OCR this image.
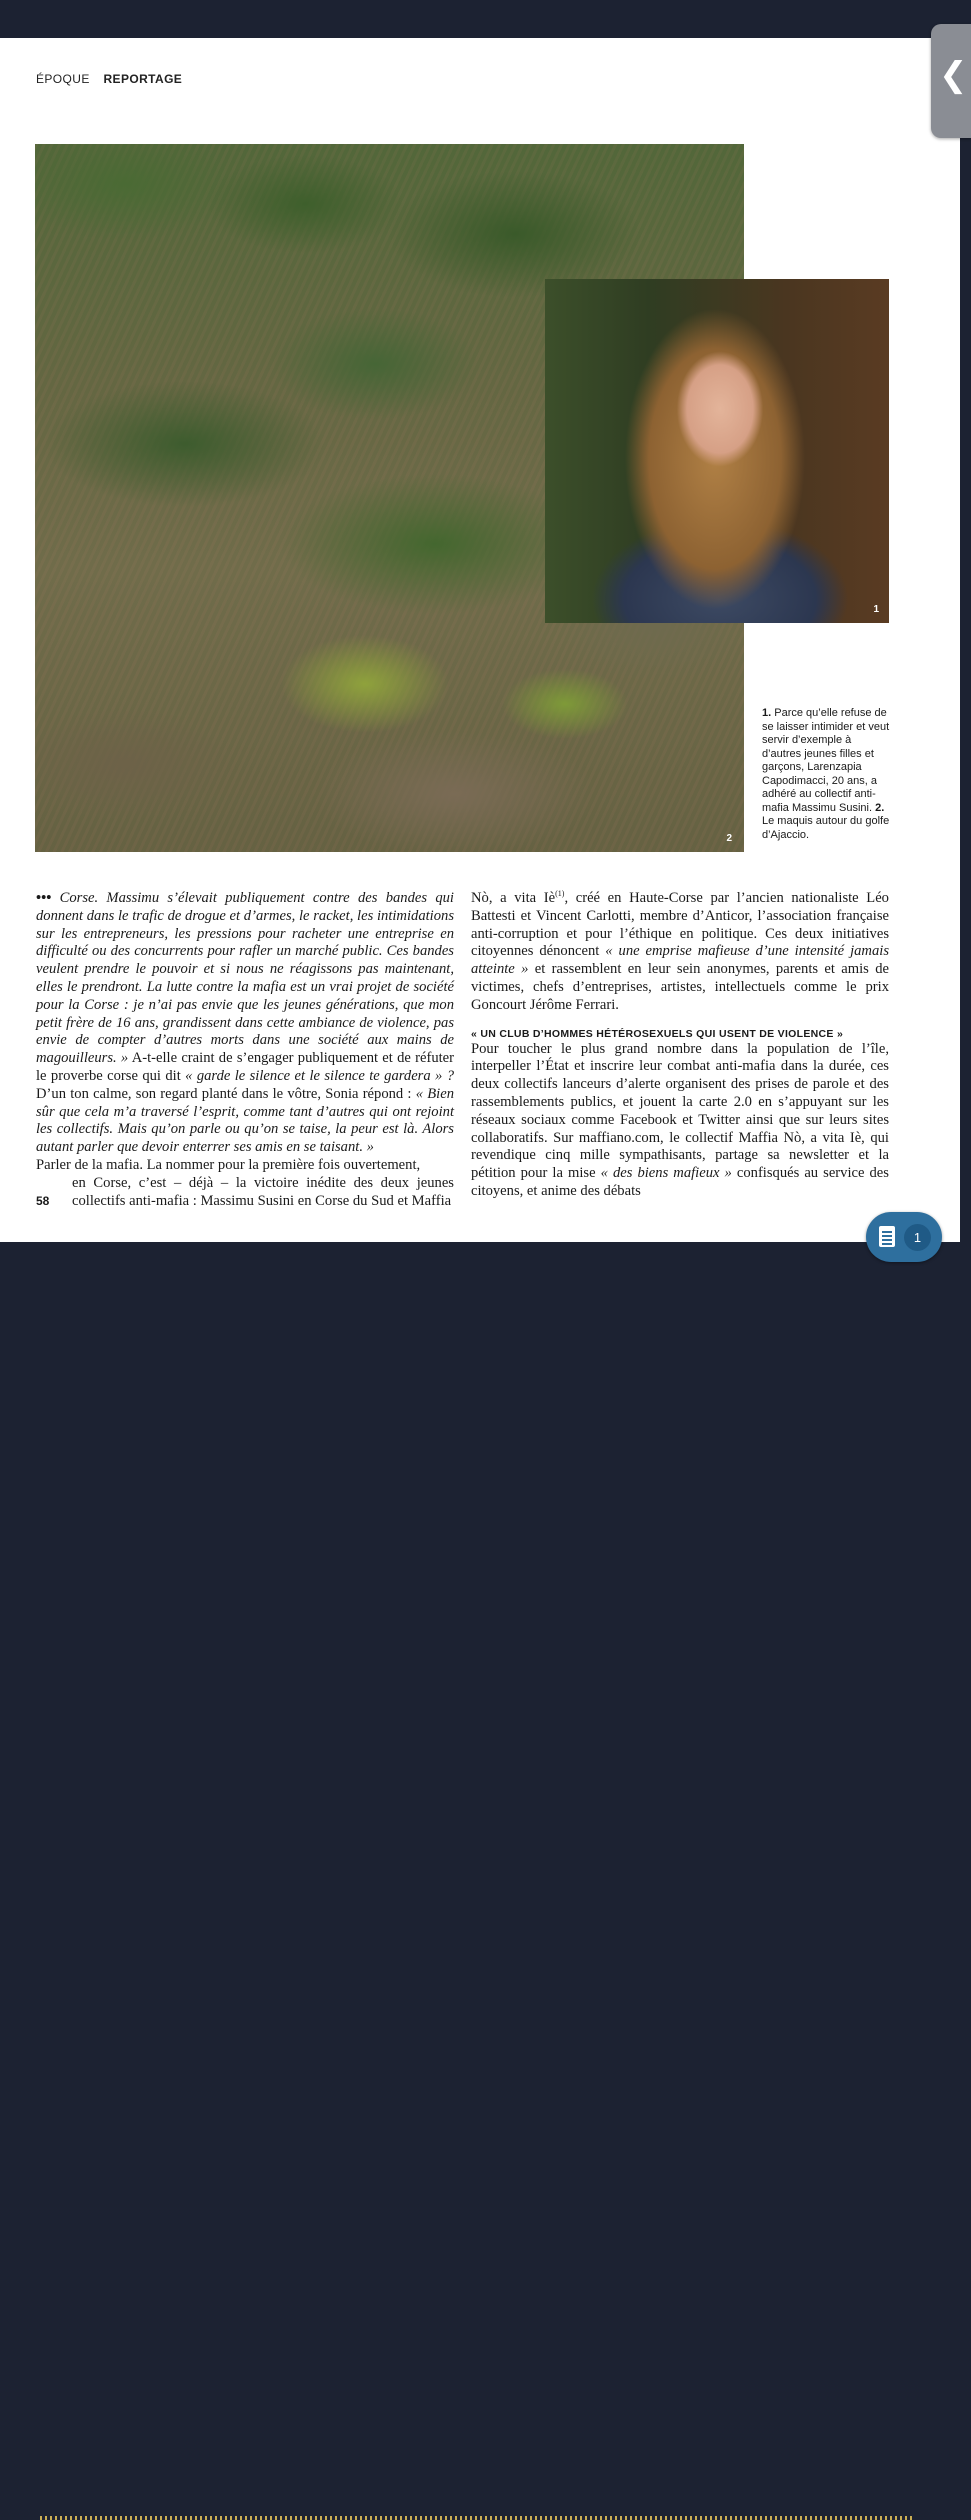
ÉPOQUE REPORTAGE
2
1
1. Parce qu’elle refuse de se laisser intimider et veut servir d’exemple à d’autres jeunes filles et garçons, Larenzapia Capodimacci, 20 ans, a adhéré au collectif anti-mafia Massimu Susini. 2. Le maquis autour du golfe d’Ajaccio.

••• Corse. Massimu s’élevait publiquement contre des bandes qui donnent dans le trafic de drogue et d’armes, le racket, les intimidations sur les entrepreneurs, les pressions pour racheter une entreprise en difficulté ou des concurrents pour rafler un marché public. Ces bandes veulent prendre le pouvoir et si nous ne réagissons pas maintenant, elles le prendront. La lutte contre la mafia est un vrai projet de société pour la Corse : je n’ai pas envie que les jeunes générations, que mon petit frère de 16 ans, grandissent dans cette ambiance de violence, pas envie de compter d’autres morts dans une société aux mains de magouilleurs. » A-t-elle craint de s’engager publiquement et de réfuter le proverbe corse qui dit « garde le silence et le silence te gardera » ? D’un ton calme, son regard planté dans le vôtre, Sonia répond : « Bien sûr que cela m’a traversé l’esprit, comme tant d’autres qui ont rejoint les collectifs. Mais qu’on parle ou qu’on se taise, la peur est là. Alors autant parler que devoir enterrer ses amis en se taisant. »

Parler de la mafia. La nommer pour la première fois ouvertement,
en Corse, c’est – déjà – la victoire inédite des deux jeunes collectifs anti-mafia : Massimu Susini en Corse du Sud et Maffia

Nò, a vita $Iè^{(1)}$, créé en Haute-Corse par l’ancien nationaliste Léo Battesti et Vincent Carlotti, membre d’Anticor, l’association française anti-corruption et pour l’éthique en politique. Ces deux initiatives citoyennes dénoncent « une emprise mafieuse d’une intensité jamais atteinte » et rassemblent en leur sein anonymes, parents et amis de victimes, chefs d’entreprises, artistes, intellectuels comme le prix Goncourt Jérôme Ferrari.

« UN CLUB D’HOMMES HÉTÉROSEXUELS QUI USENT DE VIOLENCE »

Pour toucher le plus grand nombre dans la population de l’île, interpeller l’État et inscrire leur combat anti-mafia dans la durée, ces deux collectifs lanceurs d’alerte organisent des prises de parole et des rassemblements publics, et jouent la carte 2.0 en s’appuyant sur les réseaux sociaux comme Facebook et Twitter ainsi que sur leurs sites collaboratifs. Sur maffiano.com, le collectif Maffia Nò, a vita Iè, qui revendique cinq mille sympathisants, partage sa newsletter et la pétition pour la mise « des biens mafieux » confisqués au service des citoyens, et anime des débats

58
❮
1
